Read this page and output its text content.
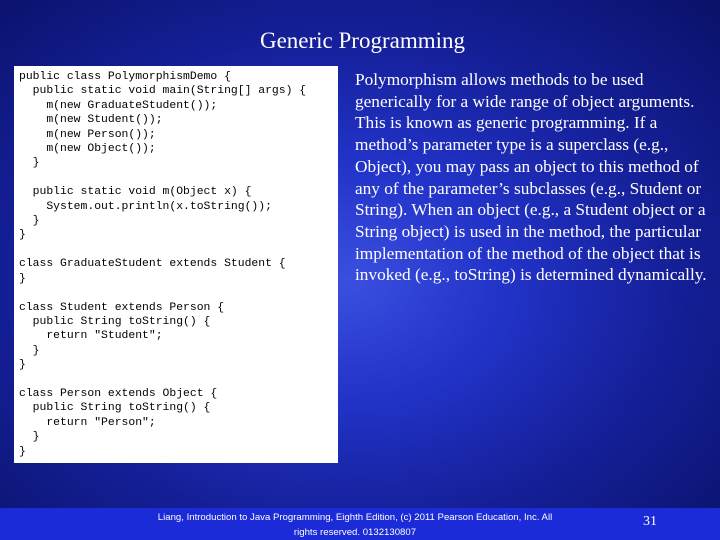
Generic Programming
public class PolymorphismDemo {
public static void main(String[] args) {
m(new GraduateStudent());
m(new Student());
m(new Person());
m(new Object());
}

public static void m(Object x) {
System.out.println(x.toString());
}
}

class GraduateStudent extends Student {
}

class Student extends Person {
public String toString() {
return "Student";
}
}

class Person extends Object {
public String toString() {
return "Person";
}
}
Polymorphism allows methods to be used generically for a wide range of object arguments. This is known as generic programming. If a method’s parameter type is a superclass (e.g., Object), you may pass an object to this method of any of the parameter’s subclasses (e.g., Student or String). When an object (e.g., a Student object or a String object) is used in the method, the particular implementation of the method of the object that is invoked (e.g., toString) is determined dynamically.
Liang, Introduction to Java Programming, Eighth Edition, (c) 2011 Pearson Education, Inc. All
rights reserved. 0132130807
31
